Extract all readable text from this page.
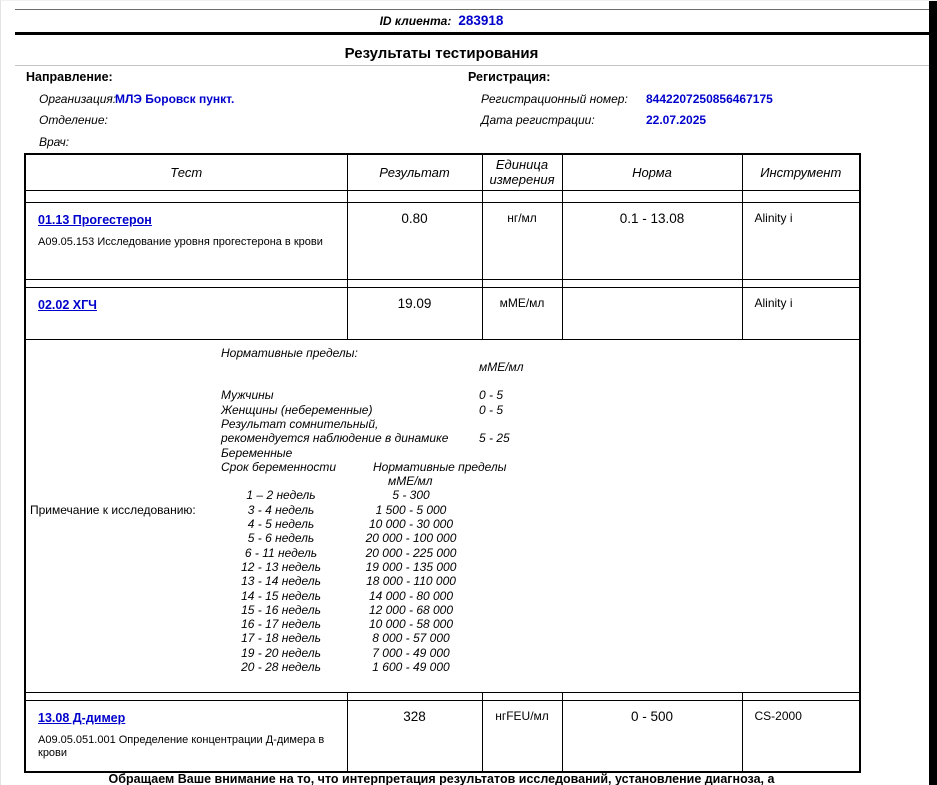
ID клиента: 283918
Результаты тестирования
Направление:
Организация:МЛЭ Боровск пункт.
Отделение:
Врач:
Регистрация:
Регистрационный номер: 8442207250856467175
Дата регистрации:	22.07.2025
Тест	Результат	Единица измерения	Норма	Инструмент

01.13 Прогестерон
А09.05.153 Исследование уровня прогестерона в крови	0.80	нг/мл	0.1 - 13.08	Alinity i

02.02 ХГЧ	19.09	мМЕ/мл		Alinity i

Примечание к исследованию:
Нормативные пределы:
мМЕ/мл
Мужчины	0 - 5
Женщины (небеременные)	0 - 5
Результат сомнительный,
рекомендуется наблюдение в динамике	5 - 25
Беременные
Срок беременности	Нормативные пределы
мМЕ/мл
1 – 2 недель	5 - 300
3 - 4 недель	1 500 - 5 000
4 - 5 недель	10 000 - 30 000
5 - 6 недель	20 000 - 100 000
6 - 11 недель	20 000 - 225 000
12 - 13 недель	19 000 - 135 000
13 - 14 недель	18 000 - 110 000
14 - 15 недель	14 000 - 80 000
15 - 16 недель	12 000 - 68 000
16 - 17 недель	10 000 - 58 000
17 - 18 недель	8 000 - 57 000
19 - 20 недель	7 000 - 49 000
20 - 28 недель	1 600 - 49 000

13.08 Д-димер
А09.05.051.001 Определение концентрации Д-димера в крови	328	нгFEU/мл	0 - 500	CS-2000
Обращаем Ваше внимание на то, что интерпретация результатов исследований, установление диагноза, а
